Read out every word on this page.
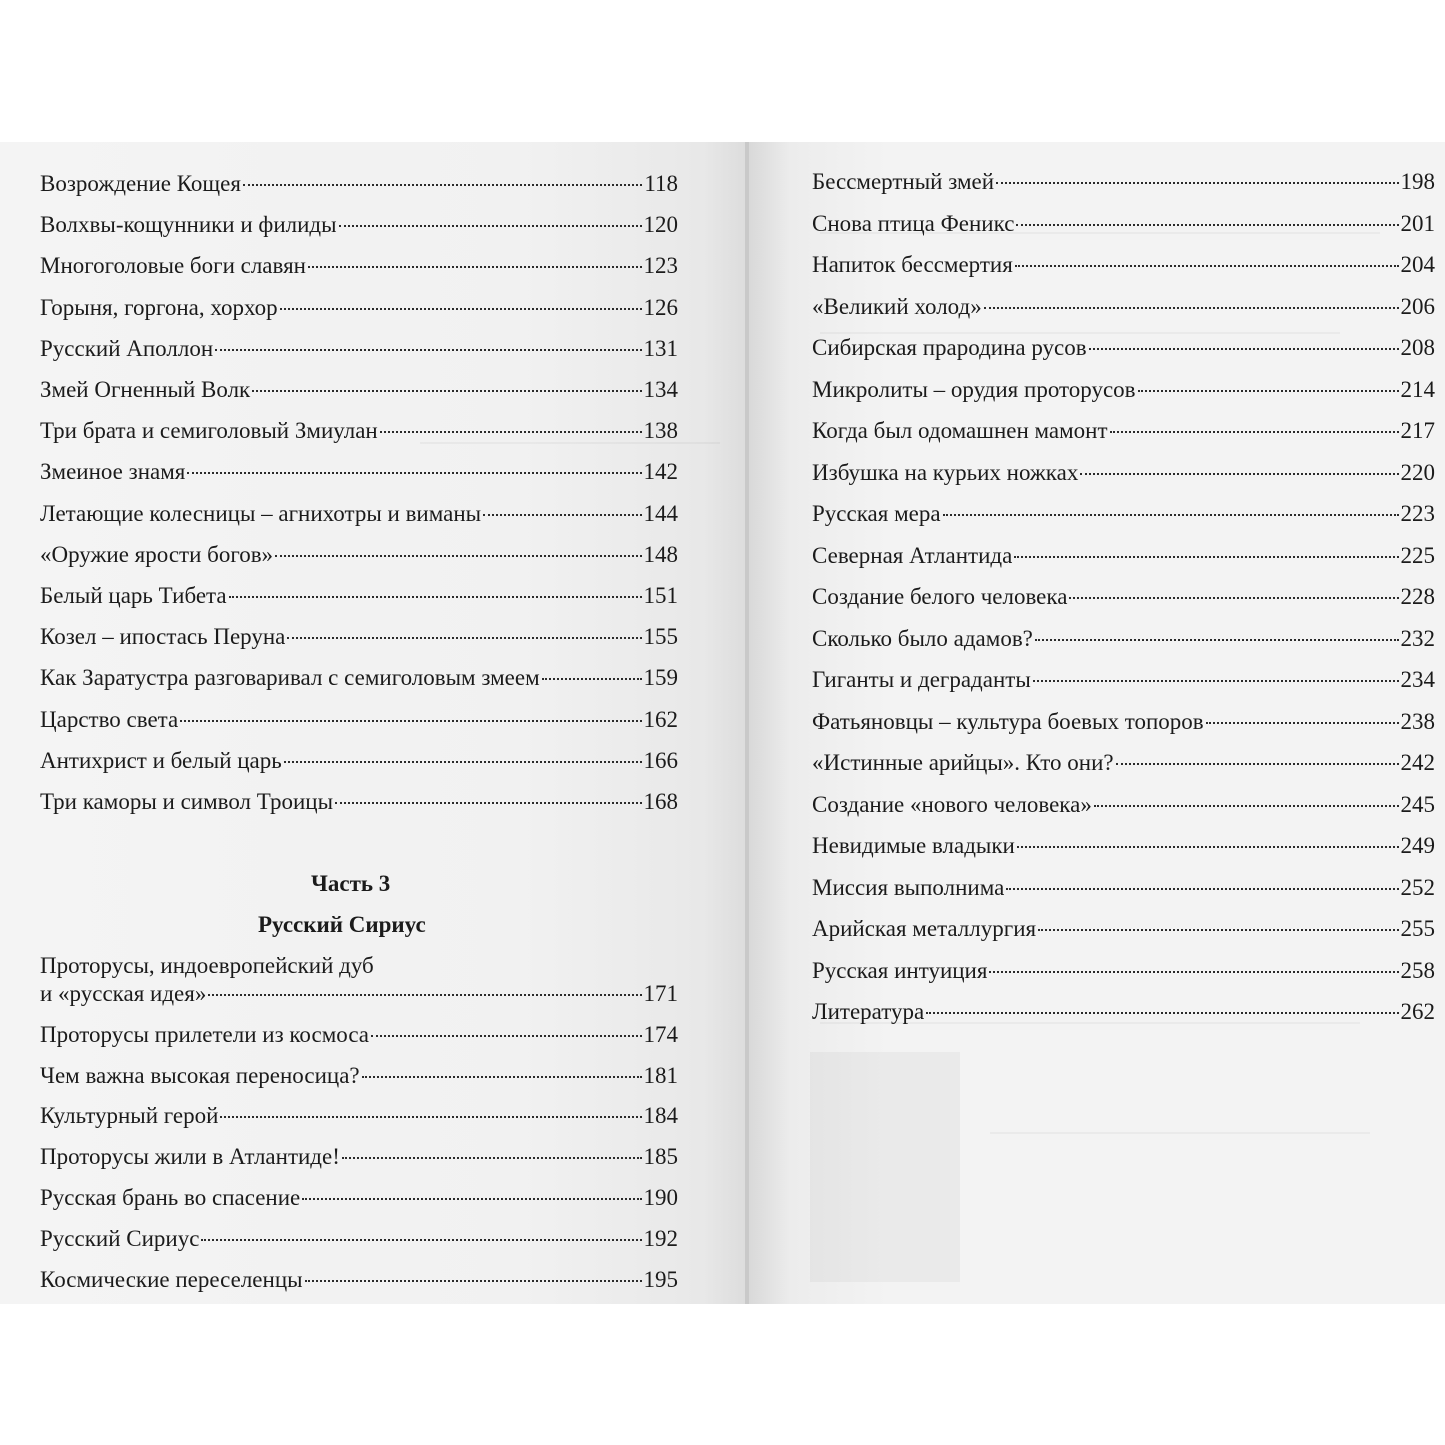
Возрождение Кощея	118
Волхвы-кощунники и филиды	120
Многоголовые боги славян	123
Горыня, горгона, хорхор	126
Русский Аполлон	131
Змей Огненный Волк	134
Три брата и семиголовый Змиулан	138
Змеиное знамя	142
Летающие колесницы – агнихотры и виманы	144
«Оружие ярости богов»	148
Белый царь Тибета	151
Козел – ипостась Перуна	155
Как Заратустра разговаривал с семиголовым змеем	159
Царство света	162
Антихрист и белый царь	166
Три каморы и символ Троицы	168
Часть 3
Русский Сириус
Проторусы, индоевропейский дуб
и «русская идея»	171
Проторусы прилетели из космоса	174
Чем важна высокая переносица?	181
Культурный герой	184
Проторусы жили в Атлантиде!	185
Русская брань во спасение	190
Русский Сириус	192
Космические переселенцы	195
Бессмертный змей	198
Снова птица Феникс	201
Напиток бессмертия	204
«Великий холод»	206
Сибирская прародина русов	208
Микролиты – орудия проторусов	214
Когда был одомашнен мамонт	217
Избушка на курьих ножках	220
Русская мера	223
Северная Атлантида	225
Создание белого человека	228
Сколько было адамов?	232
Гиганты и деграданты	234
Фатьяновцы – культура боевых топоров	238
«Истинные арийцы». Кто они?	242
Создание «нового человека»	245
Невидимые владыки	249
Миссия выполнима	252
Арийская металлургия	255
Русская интуиция	258
Литература	262
